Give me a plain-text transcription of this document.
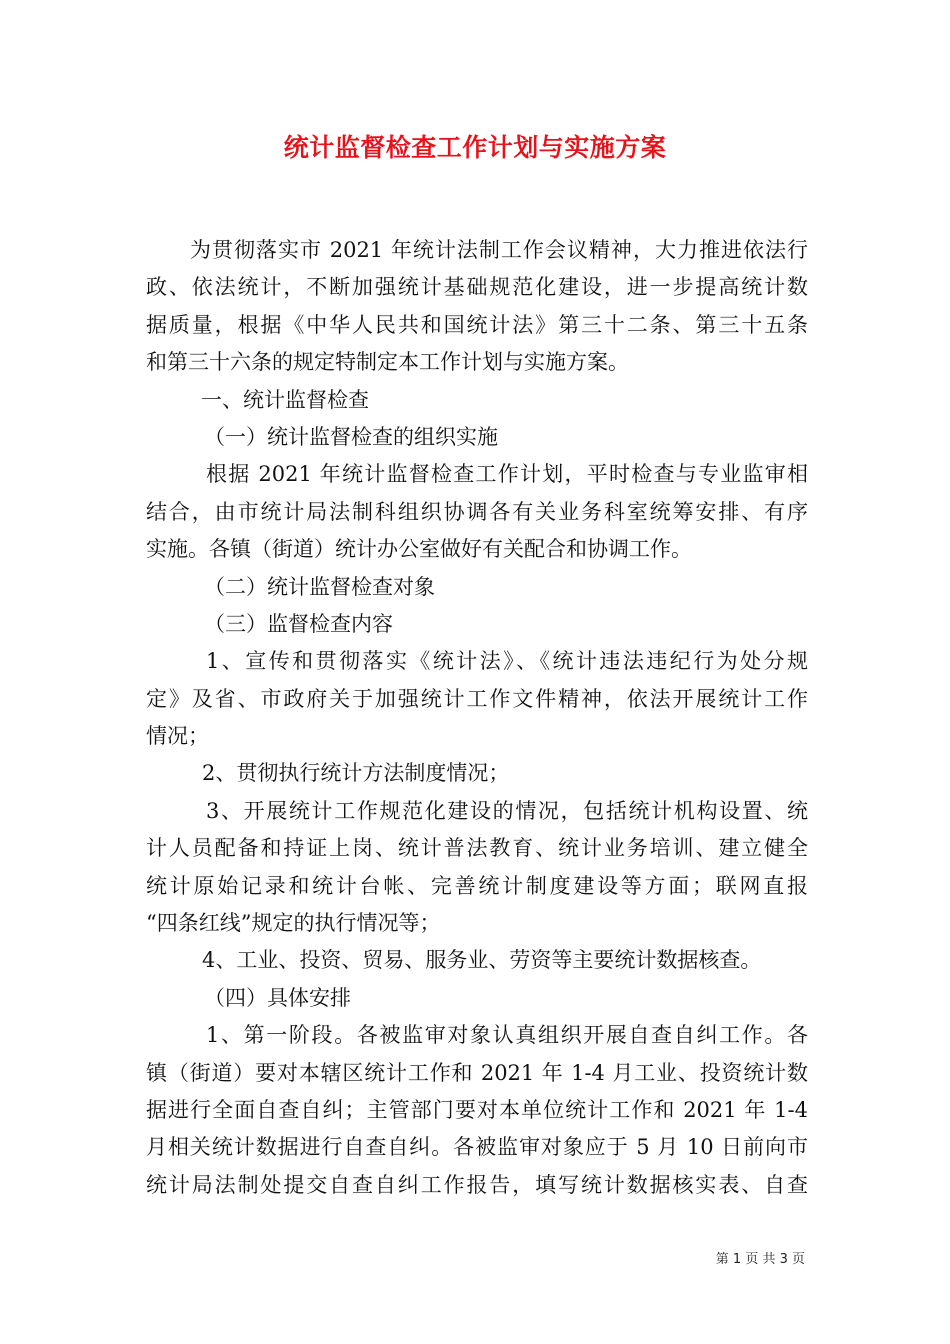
统计监督检查工作计划与实施方案
为贯彻落实市 2021 年统计法制工作会议精神，大力推进依法行
政、依法统计，不断加强统计基础规范化建设，进一步提高统计数
据质量，根据《中华人民共和国统计法》第三十二条、第三十五条
和第三十六条的规定特制定本工作计划与实施方案。
一、统计监督检查
（一）统计监督检查的组织实施
根据 2021 年统计监督检查工作计划，平时检查与专业监审相
结合，由市统计局法制科组织协调各有关业务科室统筹安排、有序
实施。各镇（街道）统计办公室做好有关配合和协调工作。
（二）统计监督检查对象
（三）监督检查内容
1、宣传和贯彻落实《统计法》、《统计违法违纪行为处分规
定》及省、市政府关于加强统计工作文件精神，依法开展统计工作
情况；
2、贯彻执行统计方法制度情况；
3、开展统计工作规范化建设的情况，包括统计机构设置、统
计人员配备和持证上岗、统计普法教育、统计业务培训、建立健全
统计原始记录和统计台帐、完善统计制度建设等方面；联网直报
“四条红线”规定的执行情况等；
4、工业、投资、贸易、服务业、劳资等主要统计数据核查。
（四）具体安排
1、第一阶段。各被监审对象认真组织开展自查自纠工作。各
镇（街道）要对本辖区统计工作和 2021 年 1-4 月工业、投资统计数
据进行全面自查自纠；主管部门要对本单位统计工作和 2021 年 1-4
月相关统计数据进行自查自纠。各被监审对象应于 5 月 10 日前向市
统计局法制处提交自查自纠工作报告，填写统计数据核实表、自查
第 1 页 共 3 页
